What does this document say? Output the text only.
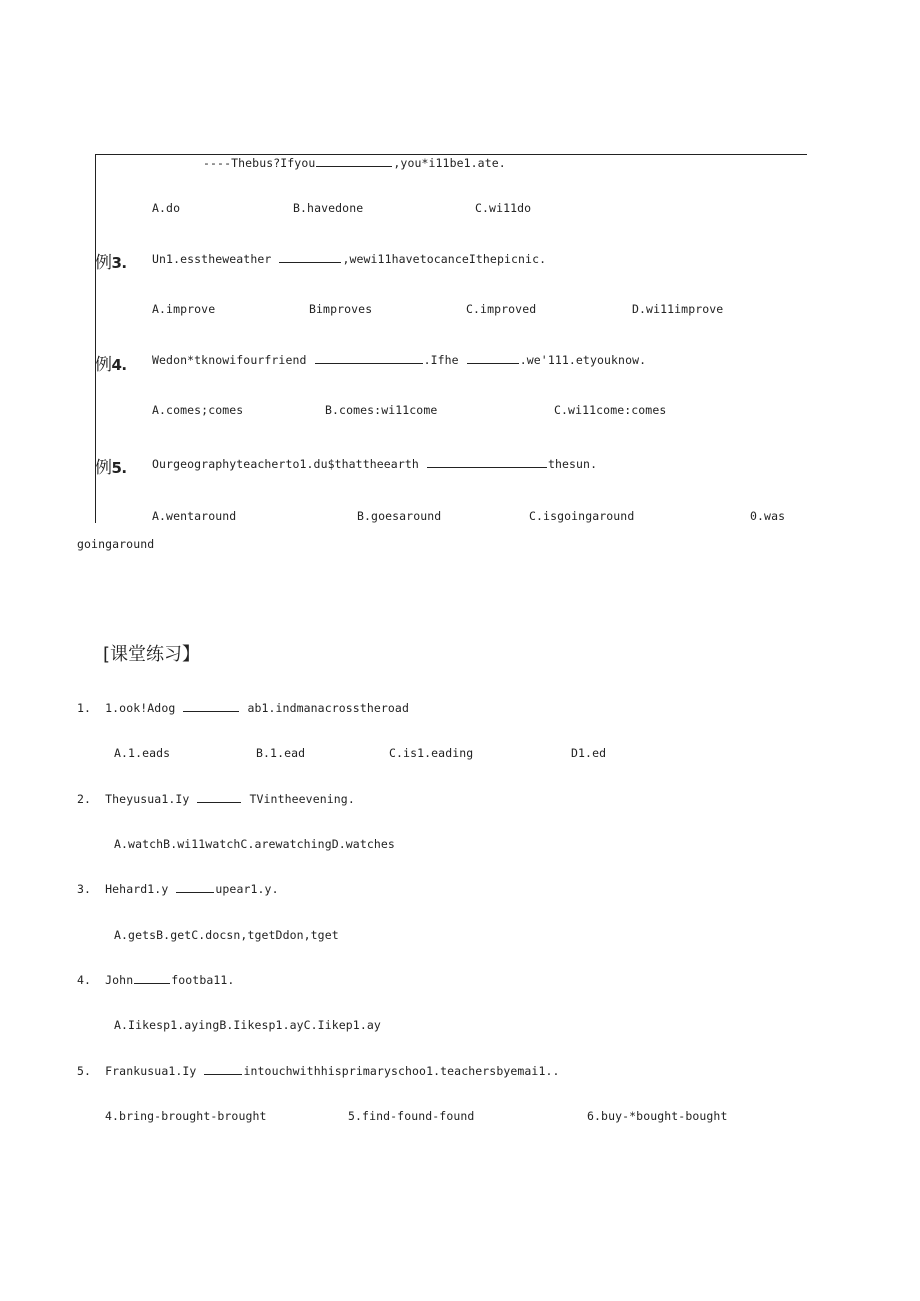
----Thebus?Ifyou	,you*i11be1.ate.
A.do	B.havedone	C.wi11do
例3. Un1.esstheweather	,wewi11havetocanceIthepicnic.
A.improve	Bimproves	C.improved	D.wi11improve
例4. Wedon*tknowifourfriend	.Ifhe	.we'111.etyouknow.
A.comes;comes	B.comes:wi11come	C.wi11come:comes
例5. Ourgeographyteacherto1.du$thattheearth	thesun.
A.wentaround	B.goesaround	C.isgoingaround	0.was
goingaround
[课堂练习】
1. 1.ook!Adog	ab1.indmanacrosstheroad
A.1.eads	B.1.ead	C.is1.eading	D1.ed
2. Theyusua1.Iy	TVintheevening.
A.watchB.wi11watchC.arewatchingD.watches
3. Hehard1.y	upear1.y.
A.getsB.getC.docsn,tgetDdon,tget
4. John	footba11.
A.Iikesp1.ayingB.Iikesp1.ayC.Iikep1.ay
5. Frankusua1.Iy	intouchwithhisprimaryschoo1.teachersbyemai1..
4.bring-brought-brought	5.find-found-found	6.buy-*bought-bought
